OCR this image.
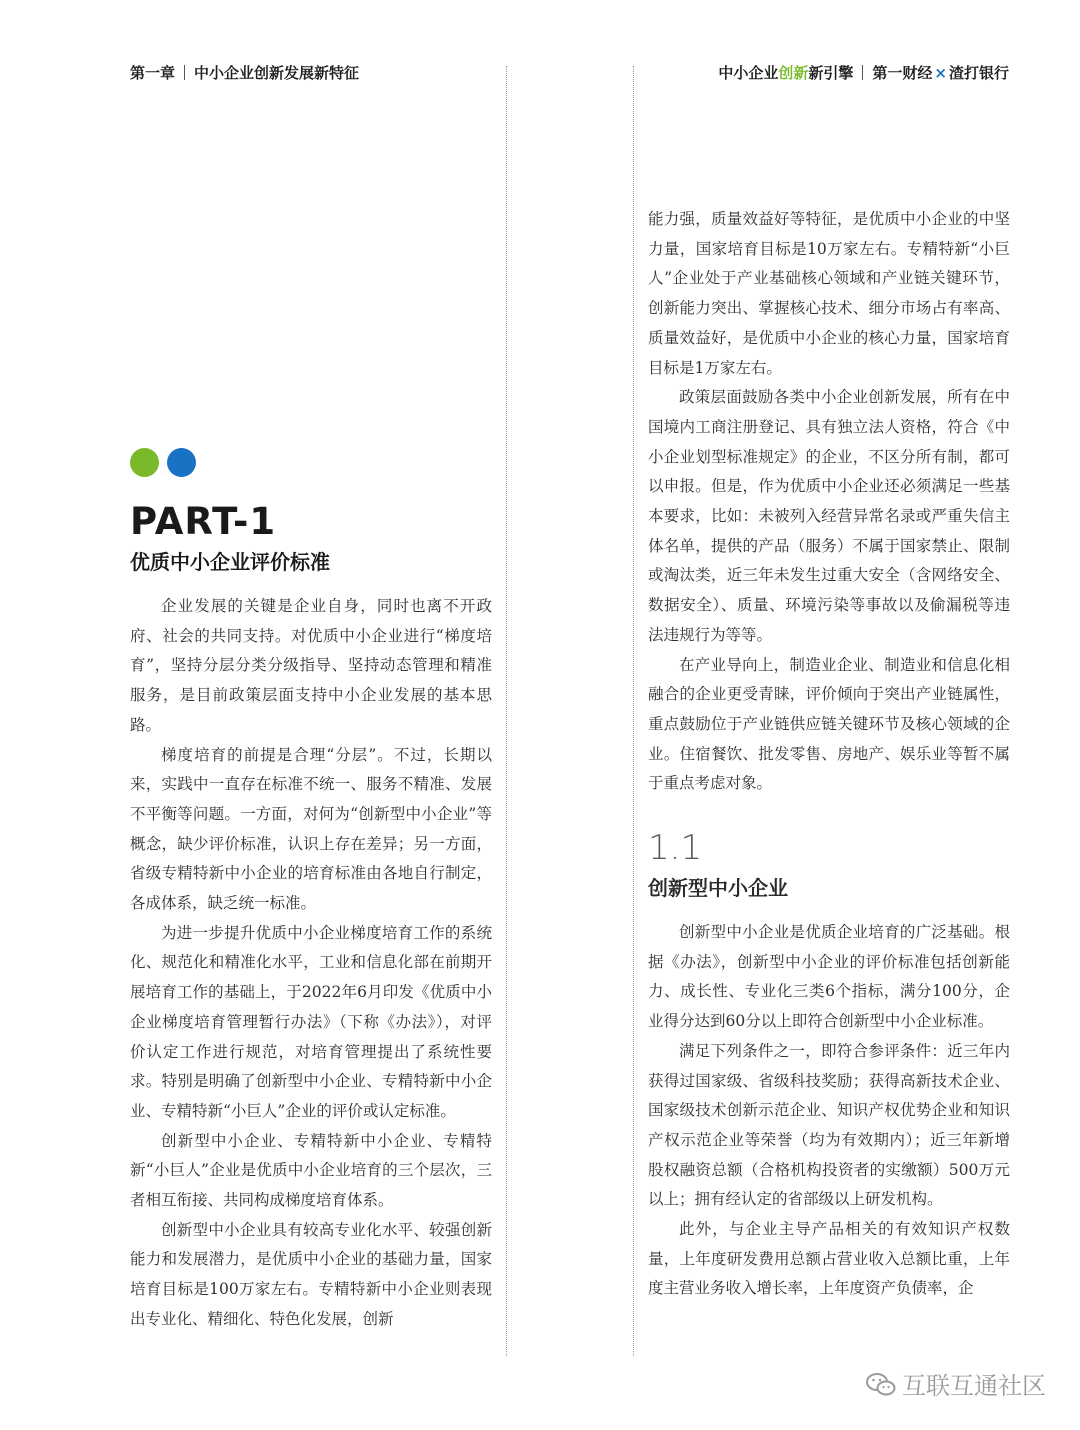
第一章 中小企业创新发展新特征	中小企业创新新引擎 第一财经 × 渣打银行
PART-1
优质中小企业评价标准

企业发展的关键是企业自身，同时也离不开政府、社会的共同支持。对优质中小企业进行“梯度培育”，坚持分层分类分级指导、坚持动态管理和精准服务，是目前政策层面支持中小企业发展的基本思路。

梯度培育的前提是合理“分层”。不过，长期以来，实践中一直存在标准不统一、服务不精准、发展不平衡等问题。一方面，对何为“创新型中小企业”等概念，缺少评价标准，认识上存在差异；另一方面，省级专精特新中小企业的培育标准由各地自行制定，各成体系，缺乏统一标准。

为进一步提升优质中小企业梯度培育工作的系统化、规范化和精准化水平，工业和信息化部在前期开展培育工作的基础上，于2022年6月印发《优质中小企业梯度培育管理暂行办法》（下称《办法》），对评价认定工作进行规范，对培育管理提出了系统性要求。特别是明确了创新型中小企业、专精特新中小企业、专精特新“小巨人”企业的评价或认定标准。

创新型中小企业、专精特新中小企业、专精特新“小巨人”企业是优质中小企业培育的三个层次，三者相互衔接、共同构成梯度培育体系。

创新型中小企业具有较高专业化水平、较强创新能力和发展潜力，是优质中小企业的基础力量，国家培育目标是100万家左右。专精特新中小企业则表现出专业化、精细化、特色化发展，创新

能力强，质量效益好等特征，是优质中小企业的中坚力量，国家培育目标是10万家左右。专精特新“小巨人”企业处于产业基础核心领域和产业链关键环节，创新能力突出、掌握核心技术、细分市场占有率高、质量效益好，是优质中小企业的核心力量，国家培育目标是1万家左右。

政策层面鼓励各类中小企业创新发展，所有在中国境内工商注册登记、具有独立法人资格，符合《中小企业划型标准规定》的企业，不区分所有制，都可以申报。但是，作为优质中小企业还必须满足一些基本要求，比如：未被列入经营异常名录或严重失信主体名单，提供的产品（服务）不属于国家禁止、限制或淘汰类，近三年未发生过重大安全（含网络安全、数据安全）、质量、环境污染等事故以及偷漏税等违法违规行为等等。

在产业导向上，制造业企业、制造业和信息化相融合的企业更受青睐，评价倾向于突出产业链属性，重点鼓励位于产业链供应链关键环节及核心领域的企业。住宿餐饮、批发零售、房地产、娱乐业等暂不属于重点考虑对象。

1.1
创新型中小企业

创新型中小企业是优质企业培育的广泛基础。根据《办法》，创新型中小企业的评价标准包括创新能力、成长性、专业化三类6个指标，满分100分，企业得分达到60分以上即符合创新型中小企业标准。

满足下列条件之一，即符合参评条件：近三年内获得过国家级、省级科技奖励；获得高新技术企业、国家级技术创新示范企业、知识产权优势企业和知识产权示范企业等荣誉（均为有效期内）；近三年新增股权融资总额（合格机构投资者的实缴额）500万元以上；拥有经认定的省部级以上研发机构。

此外，与企业主导产品相关的有效知识产权数量，上年度研发费用总额占营业收入总额比重，上年度主营业务收入增长率，上年度资产负债率，企

互联互通社区
